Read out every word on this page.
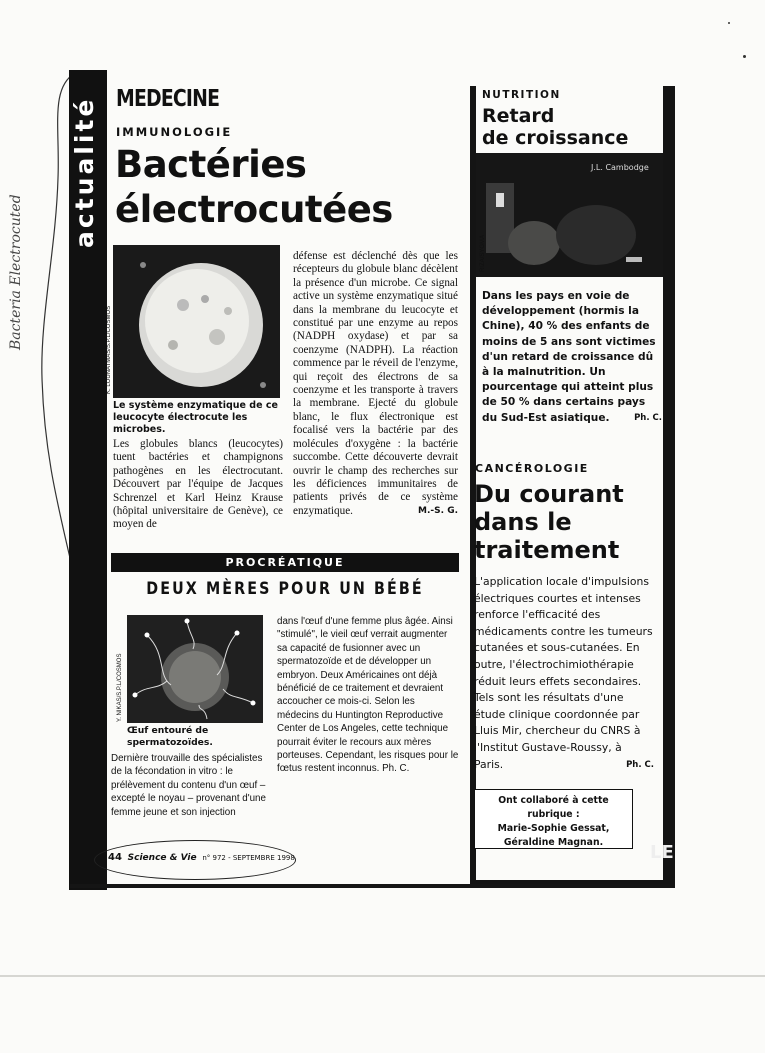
Bacteria Electrocuted
actualité MEDECINE
IMMUNOLOGIE
Bactéries
électrocutées
K. LOUNATMAS/S.P.L/COSMOS
Le système enzymatique de ce leucocyte électrocute les microbes.

Les globules blancs (leucocytes) tuent bactéries et champignons pathogènes en les électrocutant. Découvert par l'équipe de Jacques Schrenzel et Karl Heinz Krause (hôpital universitaire de Genève), ce moyen de

défense est déclenché dès que les récepteurs du globule blanc décèlent la présence d'un microbe. Ce signal active un système enzymatique situé dans la membrane du leucocyte et constitué par une enzyme au repos (NADPH oxydase) et par sa coenzyme (NADPH). La réaction commence par le réveil de l'enzyme, qui reçoit des électrons de sa coenzyme et les transporte à travers la membrane. Ejecté du globule blanc, le flux électronique est focalisé vers la bactérie par des molécules d'oxygène : la bactérie succombe. Cette découverte devrait ouvrir le champ des recherches sur les déficiences immunitaires de patients privés de ce système enzymatique.	M.-S. G.

PROCRÉATIQUE
DEUX MÈRES POUR UN BÉBÉ
Y. NIKAS/S.P.L/COSMOS
Œuf entouré de spermatozoïdes.

Dernière trouvaille des spécialistes de la fécondation in vitro : le prélèvement du contenu d'un œuf – excepté le noyau – provenant d'une femme jeune et son injection

dans l'œuf d'une femme plus âgée. Ainsi "stimulé", le vieil œuf verrait augmenter sa capacité de fusionner avec un spermatozoïde et de développer un embryon. Deux Américaines ont déjà bénéficié de ce traitement et devraient accoucher ce mois-ci. Selon les médecins du Huntington Reproductive Center de Los Angeles, cette technique pourrait éviter le recours aux mères porteuses. Cependant, les risques pour le fœtus restent inconnus. Ph. C.

NUTRITION
Retard
de croissance
J.L. Cambodge
RIZA/SYGMA

Dans les pays en voie de développement (hormis la Chine), 40 % des enfants de moins de 5 ans sont victimes d'un retard de croissance dû à la malnutrition. Un pourcentage qui atteint plus de 50 % dans certains pays du Sud-Est asiatique.	Ph. C.

CANCÉROLOGIE
Du courant
dans le
traitement

L'application locale d'impulsions électriques courtes et intenses renforce l'efficacité des médicaments contre les tumeurs cutanées et sous-cutanées. En outre, l'électrochimiothérapie réduit leurs effets secondaires. Tels sont les résultats d'une étude clinique coordonnée par Lluis Mir, chercheur du CNRS à l'Institut Gustave-Roussy, à Paris.	Ph. C.

Ont collaboré à cette rubrique :
Marie-Sophie Gessat, Géraldine Magnan.
44 Science & Vie n° 972 - SEPTEMBRE 1998	LE
